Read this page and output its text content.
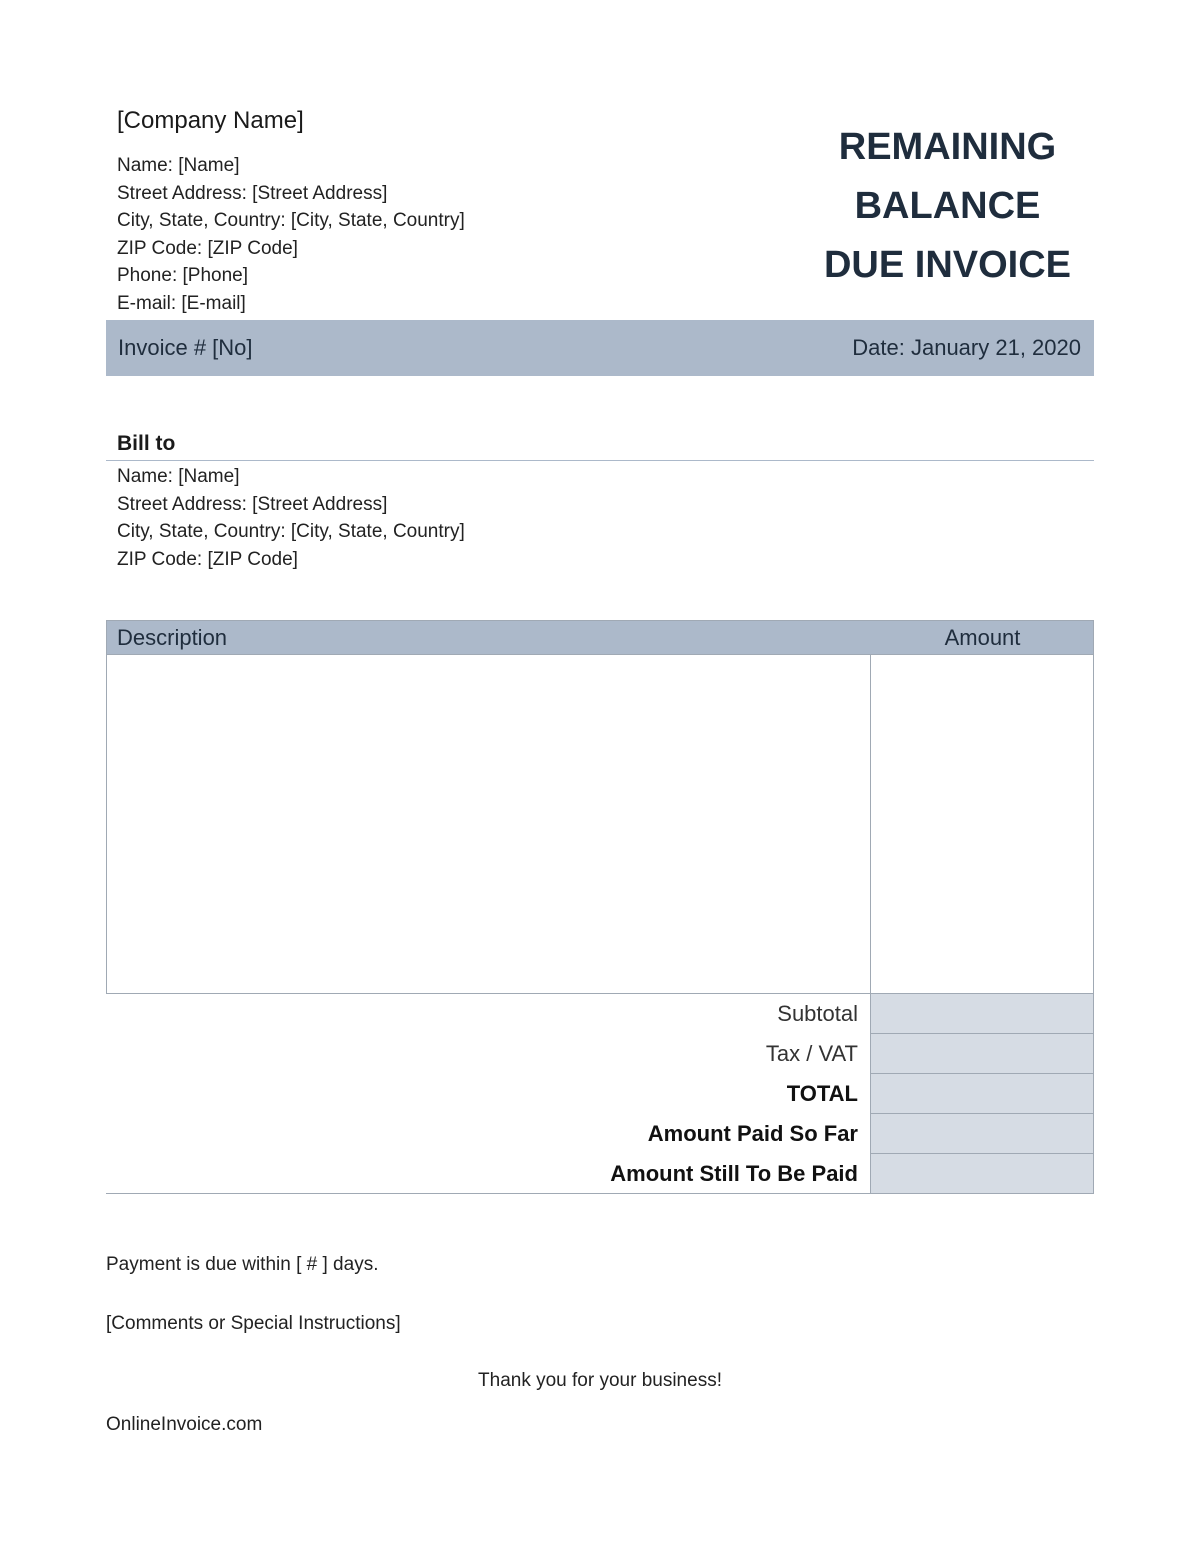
[Company Name]
Name: [Name]
Street Address: [Street Address]
City, State, Country: [City, State, Country]
ZIP Code: [ZIP Code]
Phone: [Phone]
E-mail: [E-mail]
REMAINING
BALANCE
DUE INVOICE
Invoice # [No]	Date: January 21, 2020
Bill to
Name: [Name]
Street Address: [Street Address]
City, State, Country: [City, State, Country]
ZIP Code: [ZIP Code]
Description	Amount
Subtotal
Tax / VAT
TOTAL
Amount Paid So Far
Amount Still To Be Paid
Payment is due within [ # ] days.
[Comments or Special Instructions]
Thank you for your business!
OnlineInvoice.com
